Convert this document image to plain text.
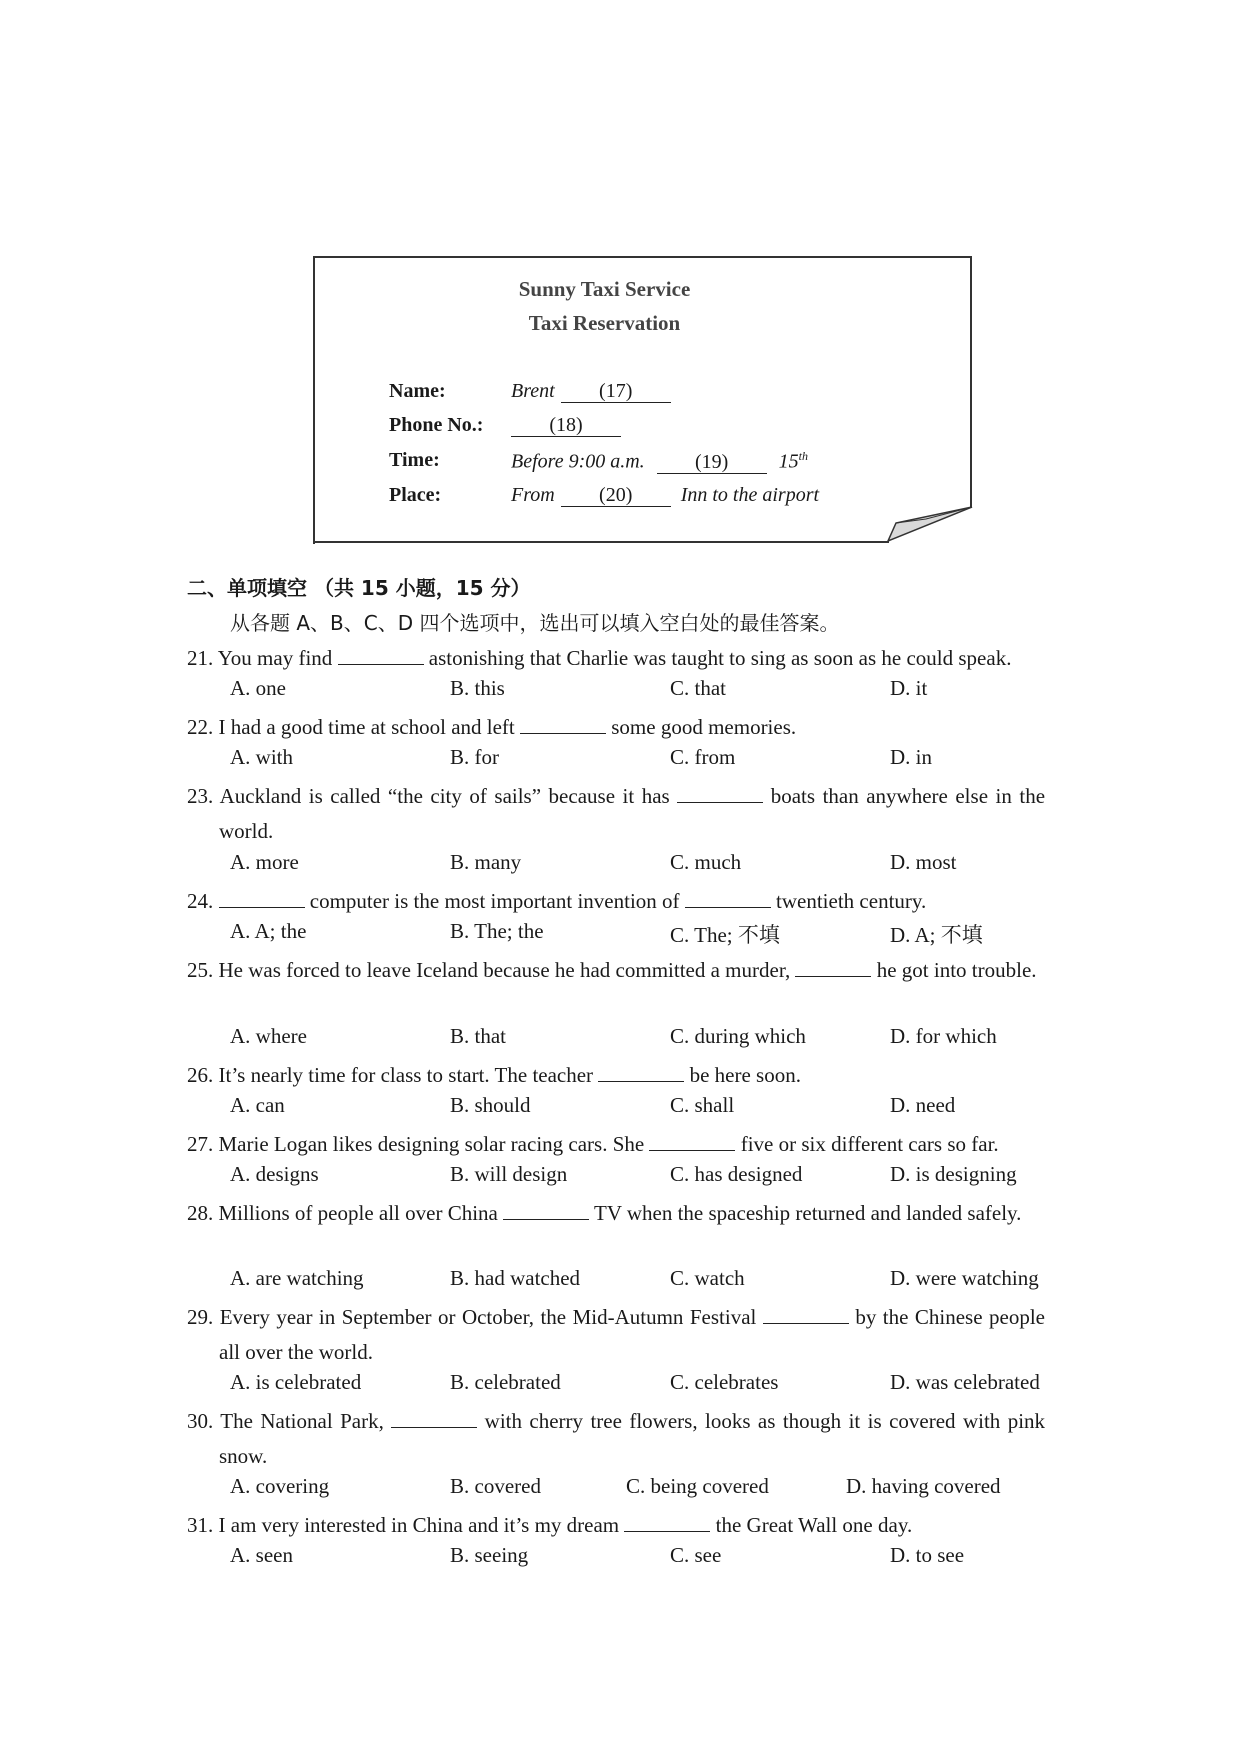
Sunny Taxi Service
Taxi Reservation
Name:	Brent (17)
Phone No.:	(18)
Time:	Before 9:00 a.m.	(19)	15th
Place:	From (20) Inn to the airport
二、单项填空 （共 15 小题，15 分）
从各题 A、B、C、D 四个选项中，选出可以填入空白处的最佳答案。
21. You may find	astonishing that Charlie was taught to sing as soon as he could speak.
A. one	B. this	C. that	D. it
22. I had a good time at school and left	some good memories.
A. with	B. for	C. from	D. in
23. Auckland is called “the city of sails” because it has	boats than anywhere else in the world.
A. more	B. many	C. much	D. most
24.	computer is the most important invention of	twentieth century.
A. A; the	B. The; the	C. The; 不填	D. A; 不填
25. He was forced to leave Iceland because he had committed a murder,	he got into trouble.
A. where	B. that	C. during which	D. for which
26. It’s nearly time for class to start. The teacher	be here soon.
A. can	B. should	C. shall	D. need
27. Marie Logan likes designing solar racing cars. She	five or six different cars so far.
A. designs	B. will design	C. has designed	D. is designing
28. Millions of people all over China	TV when the spaceship returned and landed safely.
A. are watching	B. had watched	C. watch	D. were watching
29. Every year in September or October, the Mid-Autumn Festival	by the Chinese people all over the world.
A. is celebrated	B. celebrated	C. celebrates	D. was celebrated
30. The National Park,	with cherry tree flowers, looks as though it is covered with pink snow.
A. covering	B. covered	C. being covered	D. having covered
31. I am very interested in China and it’s my dream	the Great Wall one day.
A. seen	B. seeing	C. see	D. to see
